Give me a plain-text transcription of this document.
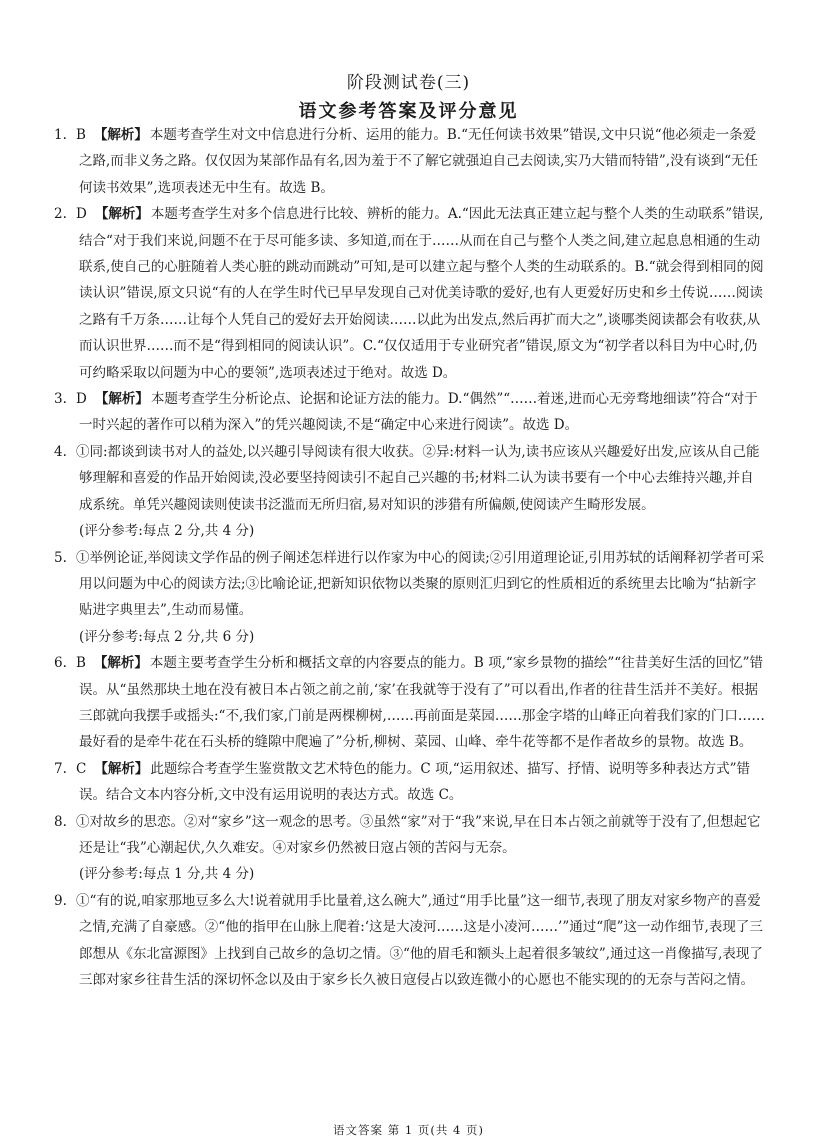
阶段测试卷(三)
语文参考答案及评分意见

1. B 【解析】 本题考查学生对文中信息进行分析、运用的能力。B.“无任何读书效果”错误,文中只说“他必须走一条爱之路,而非义务之路。仅仅因为某部作品有名,因为羞于不了解它就强迫自己去阅读,实乃大错而特错”,没有谈到“无任何读书效果”,选项表述无中生有。故选 B。

2. D 【解析】 本题考查学生对多个信息进行比较、辨析的能力。A.“因此无法真正建立起与整个人类的生动联系”错误,结合“对于我们来说,问题不在于尽可能多读、多知道,而在于……从而在自己与整个人类之间,建立起息息相通的生动联系,使自己的心脏随着人类心脏的跳动而跳动”可知,是可以建立起与整个人类的生动联系的。B.“就会得到相同的阅读认识”错误,原文只说“有的人在学生时代已早早发现自己对优美诗歌的爱好,也有人更爱好历史和乡土传说……阅读之路有千万条……让每个人凭自己的爱好去开始阅读……以此为出发点,然后再扩而大之”,谈哪类阅读都会有收获,从而认识世界……而不是“得到相同的阅读认识”。C.“仅仅适用于专业研究者”错误,原文为“初学者以科目为中心时,仍可约略采取以问题为中心的要领”,选项表述过于绝对。故选 D。

3. D 【解析】 本题考查学生分析论点、论据和论证方法的能力。D.“偶然”“……着迷,进而心无旁骛地细读”符合“对于一时兴起的著作可以稍为深入”的凭兴趣阅读,不是“确定中心来进行阅读”。故选 D。

4. ①同:都谈到读书对人的益处,以兴趣引导阅读有很大收获。②异:材料一认为,读书应该从兴趣爱好出发,应该从自己能够理解和喜爱的作品开始阅读,没必要坚持阅读引不起自己兴趣的书;材料二认为读书要有一个中心去维持兴趣,并自成系统。单凭兴趣阅读则使读书泛滥而无所归宿,易对知识的涉猎有所偏颇,使阅读产生畸形发展。

(评分参考:每点 2 分,共 4 分)

5. ①举例论证,举阅读文学作品的例子阐述怎样进行以作家为中心的阅读;②引用道理论证,引用苏轼的话阐释初学者可采用以问题为中心的阅读方法;③比喻论证,把新知识依物以类聚的原则汇归到它的性质相近的系统里去比喻为“拈新字贴进字典里去”,生动而易懂。

(评分参考:每点 2 分,共 6 分)

6. B 【解析】 本题主要考查学生分析和概括文章的内容要点的能力。B 项,“家乡景物的描绘”“往昔美好生活的回忆”错误。从“虽然那块土地在没有被日本占领之前之前,‘家’在我就等于没有了”可以看出,作者的往昔生活并不美好。根据三郎就向我摆手或摇头:“不,我们家,门前是两棵柳树,……再前面是菜园……那金字塔的山峰正向着我们家的门口……最好看的是牵牛花在石头桥的缝隙中爬遍了”分析,柳树、菜园、山峰、牵牛花等都不是作者故乡的景物。故选 B。

7. C 【解析】 此题综合考查学生鉴赏散文艺术特色的能力。C 项,“运用叙述、描写、抒情、说明等多种表达方式”错误。结合文本内容分析,文中没有运用说明的表达方式。故选 C。

8. ①对故乡的思恋。②对“家乡”这一观念的思考。③虽然“家”对于“我”来说,早在日本占领之前就等于没有了,但想起它还是让“我”心潮起伏,久久难安。④对家乡仍然被日寇占领的苦闷与无奈。

(评分参考:每点 1 分,共 4 分)

9. ①“有的说,咱家那地豆多么大!说着就用手比量着,这么碗大”,通过“用手比量”这一细节,表现了朋友对家乡物产的喜爱之情,充满了自豪感。②“他的指甲在山脉上爬着:‘这是大凌河……这是小凌河……’”通过“爬”这一动作细节,表现了三郎想从《东北富源图》上找到自己故乡的急切之情。③“他的眉毛和额头上起着很多皱纹”,通过这一肖像描写,表现了三郎对家乡往昔生活的深切怀念以及由于家乡长久被日寇侵占以致连微小的心愿也不能实现的的无奈与苦闷之情。

语文答案 第 1 页(共 4 页)
